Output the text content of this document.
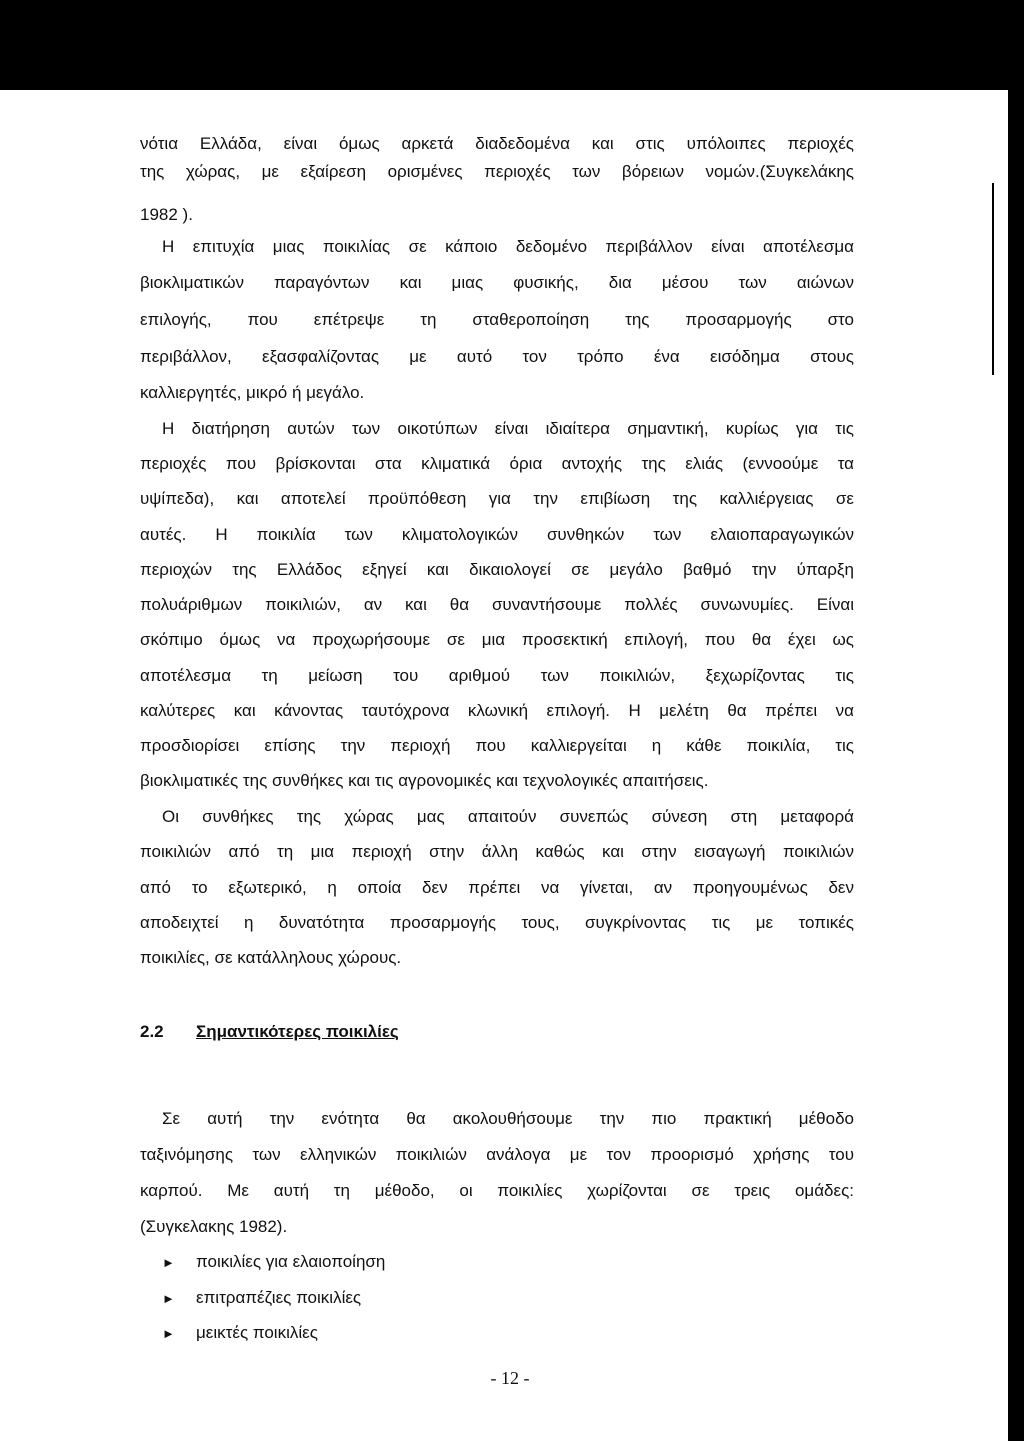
νότια Ελλάδα, είναι όμως αρκετά διαδεδομένα και στις υπόλοιπες περιοχές
της χώρας, με εξαίρεση ορισμένες περιοχές των βόρειων νομών.(Συγκελάκης
1982 ).
Η επιτυχία μιας ποικιλίας σε κάποιο δεδομένο περιβάλλον είναι αποτέλεσμα
βιοκλιματικών παραγόντων και μιας φυσικής, δια μέσου των αιώνων
επιλογής, που επέτρεψε τη σταθεροποίηση της προσαρμογής στο
περιβάλλον, εξασφαλίζοντας με αυτό τον τρόπο ένα εισόδημα στους
καλλιεργητές, μικρό ή μεγάλο.
Η διατήρηση αυτών των οικοτύπων είναι ιδιαίτερα σημαντική, κυρίως για τις
περιοχές που βρίσκονται στα κλιματικά όρια αντοχής της ελιάς (εννοούμε τα
υψίπεδα), και αποτελεί προϋπόθεση για την επιβίωση της καλλιέργειας σε
αυτές. Η ποικιλία των κλιματολογικών συνθηκών των ελαιοπαραγωγικών
περιοχών της Ελλάδος εξηγεί και δικαιολογεί σε μεγάλο βαθμό την ύπαρξη
πολυάριθμων ποικιλιών, αν και θα συναντήσουμε πολλές συνωνυμίες. Είναι
σκόπιμο όμως να προχωρήσουμε σε μια προσεκτική επιλογή, που θα έχει ως
αποτέλεσμα τη μείωση του αριθμού των ποικιλιών, ξεχωρίζοντας τις
καλύτερες και κάνοντας ταυτόχρονα κλωνική επιλογή. Η μελέτη θα πρέπει να
προσδιορίσει επίσης την περιοχή που καλλιεργείται η κάθε ποικιλία, τις
βιοκλιματικές της συνθήκες και τις αγρονομικές και τεχνολογικές απαιτήσεις.
Οι συνθήκες της χώρας μας απαιτούν συνεπώς σύνεση στη μεταφορά
ποικιλιών από τη μια περιοχή στην άλλη καθώς και στην εισαγωγή ποικιλιών
από το εξωτερικό, η οποία δεν πρέπει να γίνεται, αν προηγουμένως δεν
αποδειχτεί η δυνατότητα προσαρμογής τους, συγκρίνοντας τις με τοπικές
ποικιλίες, σε κατάλληλους χώρους.
2.2 Σημαντικότερες ποικιλίες
Σε αυτή την ενότητα θα ακολουθήσουμε την πιο πρακτική μέθοδο
ταξινόμησης των ελληνικών ποικιλιών ανάλογα με τον προορισμό χρήσης του
καρπού. Με αυτή τη μέθοδο, οι ποικιλίες χωρίζονται σε τρεις ομάδες:
(Συγκελακης 1982).
► ποικιλίες για ελαιοποίηση
► επιτραπέζιες ποικιλίες
► μεικτές ποικιλίες
- 12 -
